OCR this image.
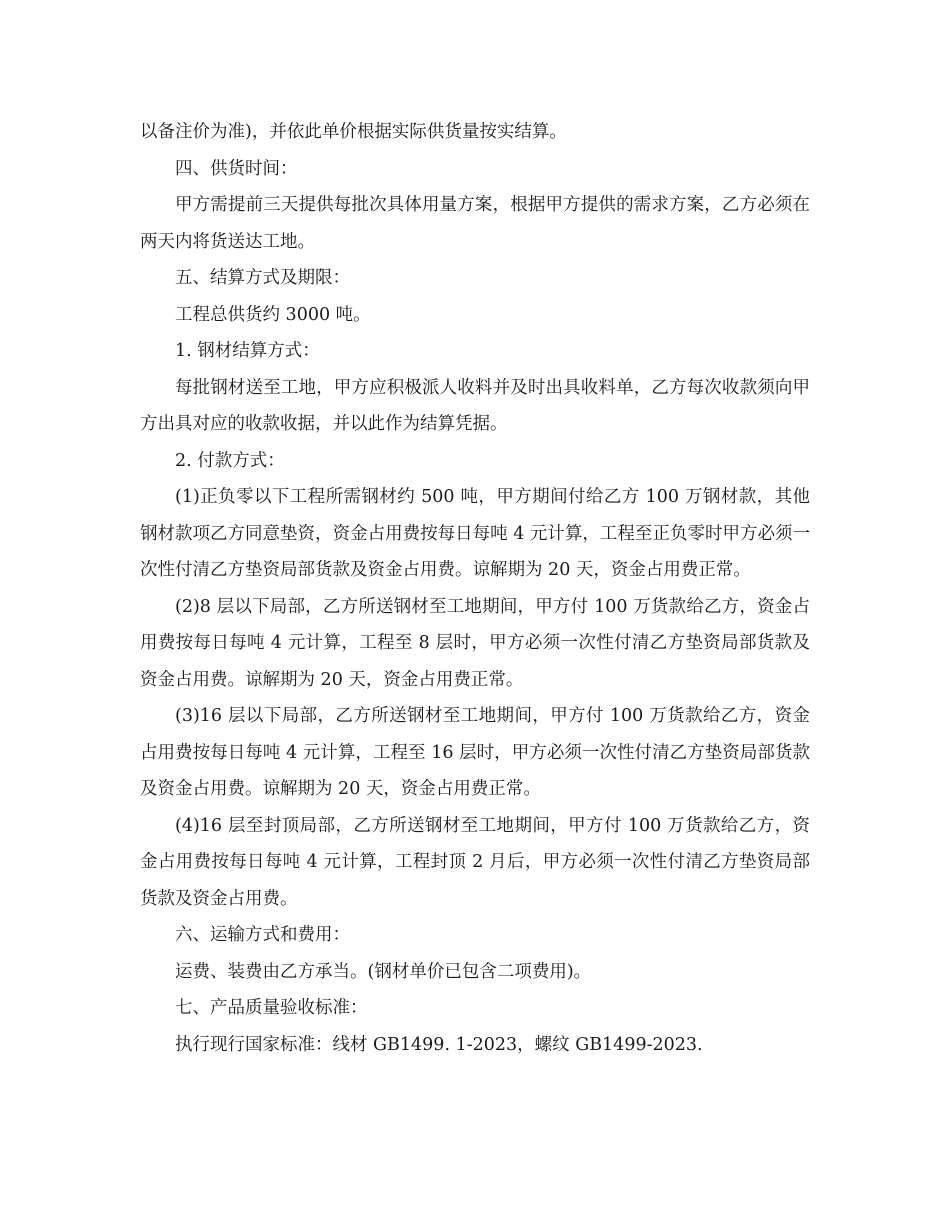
以备注价为准)，并依此单价根据实际供货量按实结算。

四、供货时间：

甲方需提前三天提供每批次具体用量方案，根据甲方提供的需求方案，乙方必须在两天内将货送达工地。

五、结算方式及期限：

工程总供货约 3000 吨。

1. 钢材结算方式：

每批钢材送至工地，甲方应积极派人收料并及时出具收料单，乙方每次收款须向甲方出具对应的收款收据，并以此作为结算凭据。

2. 付款方式：

(1)正负零以下工程所需钢材约 500 吨，甲方期间付给乙方 100 万钢材款，其他钢材款项乙方同意垫资，资金占用费按每日每吨 4 元计算，工程至正负零时甲方必须一次性付清乙方垫资局部货款及资金占用费。谅解期为 20 天，资金占用费正常。

(2)8 层以下局部，乙方所送钢材至工地期间，甲方付 100 万货款给乙方，资金占用费按每日每吨 4 元计算，工程至 8 层时，甲方必须一次性付清乙方垫资局部货款及资金占用费。谅解期为 20 天，资金占用费正常。

(3)16 层以下局部，乙方所送钢材至工地期间，甲方付 100 万货款给乙方，资金占用费按每日每吨 4 元计算，工程至 16 层时，甲方必须一次性付清乙方垫资局部货款及资金占用费。谅解期为 20 天，资金占用费正常。

(4)16 层至封顶局部，乙方所送钢材至工地期间，甲方付 100 万货款给乙方，资金占用费按每日每吨 4 元计算，工程封顶 2 月后，甲方必须一次性付清乙方垫资局部货款及资金占用费。

六、运输方式和费用：

运费、装费由乙方承当。(钢材单价已包含二项费用)。

七、产品质量验收标准：

执行现行国家标准：线材 GB1499. 1-2023，螺纹 GB1499-2023.
